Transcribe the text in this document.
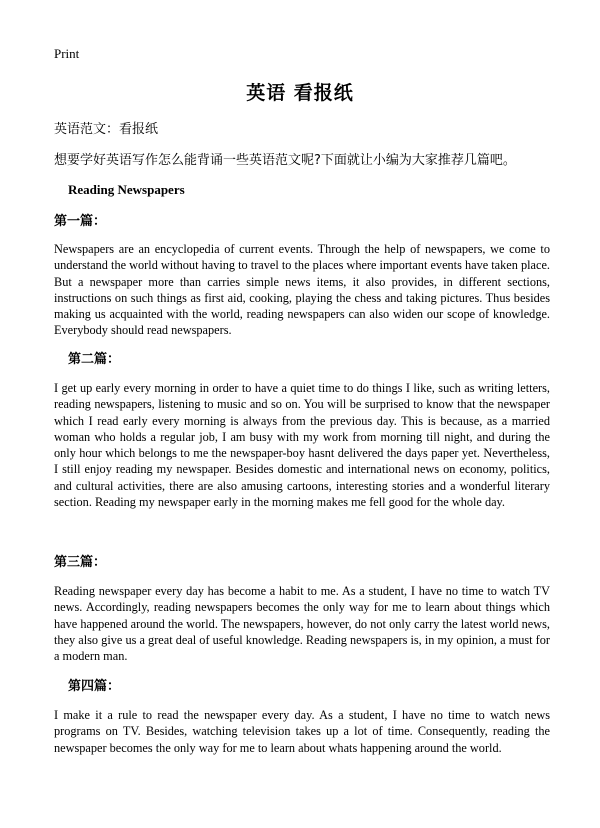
Print
英语 看报纸
英语范文：看报纸
想要学好英语写作怎么能背诵一些英语范文呢?下面就让小编为大家推荐几篇吧。
Reading Newspapers
第一篇：
Newspapers are an encyclopedia of current events. Through the help of newspapers, we come to understand the world without having to travel to the places where important events have taken place. But a newspaper more than carries simple news items, it also provides, in different sections, instructions on such things as first aid, cooking, playing the chess and taking pictures. Thus besides making us acquainted with the world, reading newspapers can also widen our scope of knowledge. Everybody should read newspapers.
第二篇：
I get up early every morning in order to have a quiet time to do things I like, such as writing letters, reading newspapers, listening to music and so on. You will be surprised to know that the newspaper which I read early every morning is always from the previous day. This is because, as a married woman who holds a regular job, I am busy with my work from morning till night, and during the only hour which belongs to me the newspaper-boy hasnt delivered the days paper yet. Nevertheless, I still enjoy reading my newspaper. Besides domestic and international news on economy, politics, and cultural activities, there are also amusing cartoons, interesting stories and a wonderful literary section. Reading my newspaper early in the morning makes me fell good for the whole day.
第三篇：
Reading newspaper every day has become a habit to me. As a student, I have no time to watch TV news. Accordingly, reading newspapers becomes the only way for me to learn about things which have happened around the world. The newspapers, however, do not only carry the latest world news, they also give us a great deal of useful knowledge. Reading newspapers is, in my opinion, a must for a modern man.
第四篇：
I make it a rule to read the newspaper every day. As a student, I have no time to watch news programs on TV. Besides, watching television takes up a lot of time. Consequently, reading the newspaper becomes the only way for me to learn about whats happening around the world.
